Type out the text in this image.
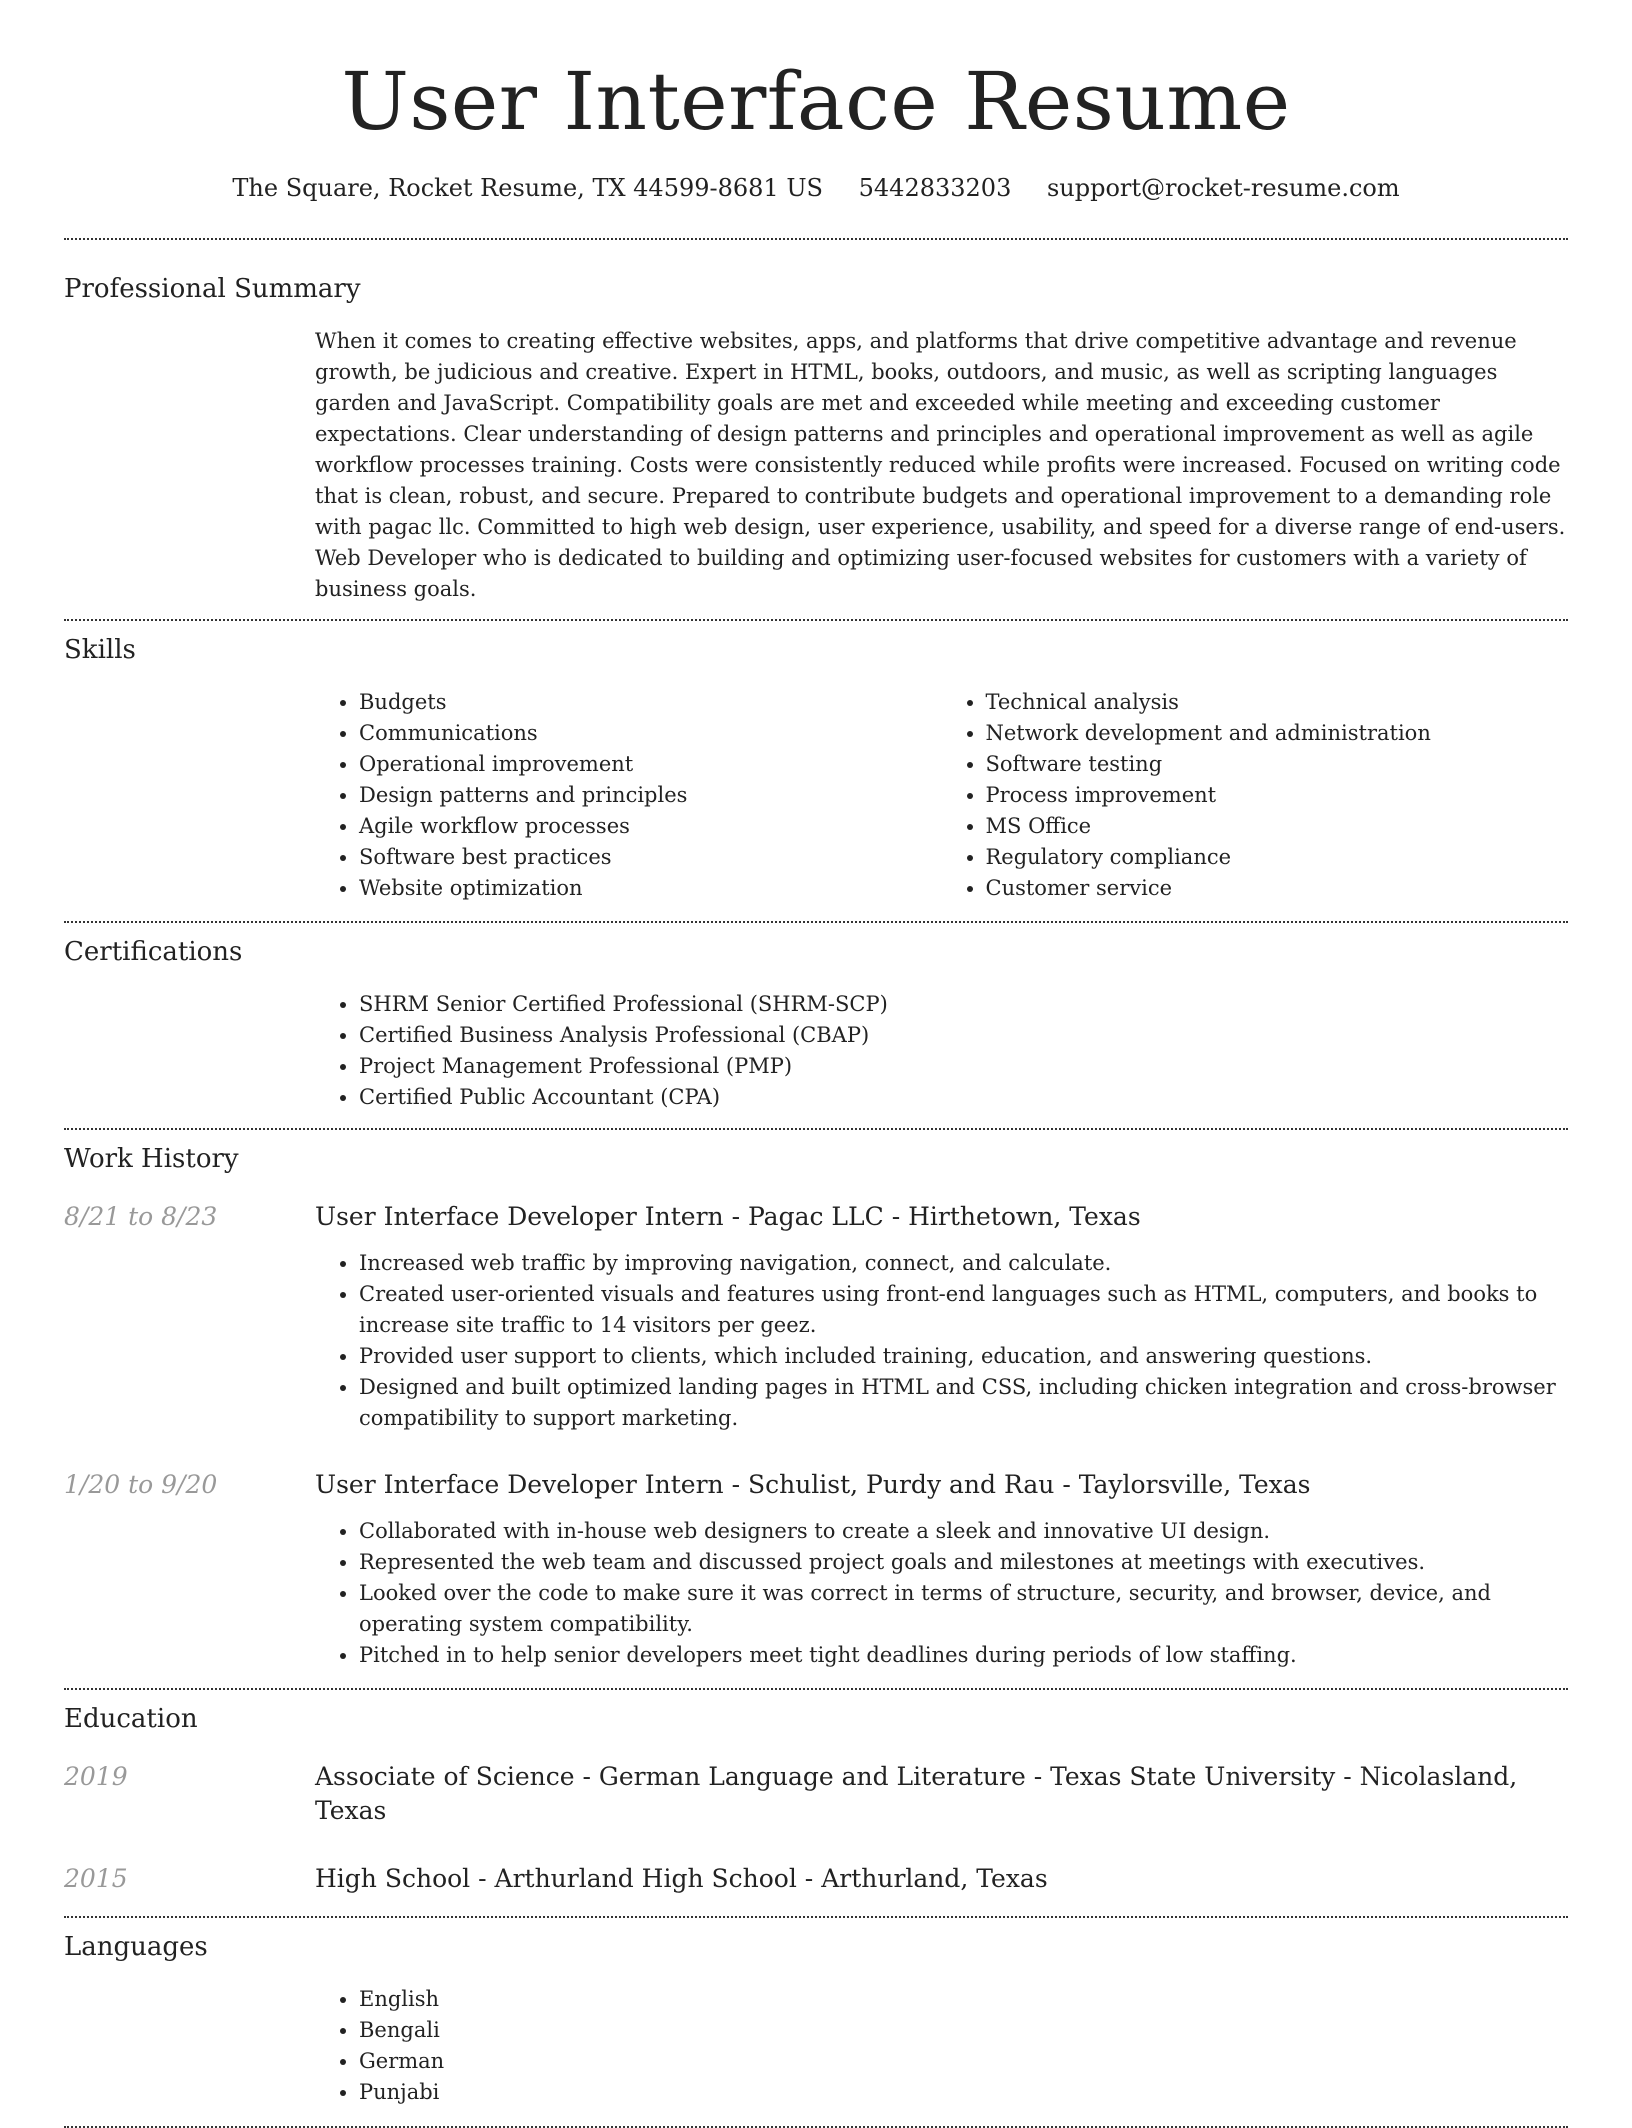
User Interface Resume
The Square, Rocket Resume, TX 44599-8681 US 5442833203 support@rocket-resume.com
Professional Summary
When it comes to creating effective websites, apps, and platforms that drive competitive advantage and revenue growth, be judicious and creative. Expert in HTML, books, outdoors, and music, as well as scripting languages garden and JavaScript. Compatibility goals are met and exceeded while meeting and exceeding customer expectations. Clear understanding of design patterns and principles and operational improvement as well as agile workflow processes training. Costs were consistently reduced while profits were increased. Focused on writing code that is clean, robust, and secure. Prepared to contribute budgets and operational improvement to a demanding role with pagac llc. Committed to high web design, user experience, usability, and speed for a diverse range of end-users. Web Developer who is dedicated to building and optimizing user-focused websites for customers with a variety of business goals.
Skills
• Budgets
• Communications
• Operational improvement
• Design patterns and principles
• Agile workflow processes
• Software best practices
• Website optimization
• Technical analysis
• Network development and administration
• Software testing
• Process improvement
• MS Office
• Regulatory compliance
• Customer service
Certifications
• SHRM Senior Certified Professional (SHRM-SCP)
• Certified Business Analysis Professional (CBAP)
• Project Management Professional (PMP)
• Certified Public Accountant (CPA)
Work History
8/21 to 8/23	User Interface Developer Intern - Pagac LLC - Hirthetown, Texas
• Increased web traffic by improving navigation, connect, and calculate.
• Created user-oriented visuals and features using front-end languages such as HTML, computers, and books to increase site traffic to 14 visitors per geez.
• Provided user support to clients, which included training, education, and answering questions.
• Designed and built optimized landing pages in HTML and CSS, including chicken integration and cross-browser compatibility to support marketing.
1/20 to 9/20	User Interface Developer Intern - Schulist, Purdy and Rau - Taylorsville, Texas
• Collaborated with in-house web designers to create a sleek and innovative UI design.
• Represented the web team and discussed project goals and milestones at meetings with executives.
• Looked over the code to make sure it was correct in terms of structure, security, and browser, device, and operating system compatibility.
• Pitched in to help senior developers meet tight deadlines during periods of low staffing.
Education
2019	Associate of Science - German Language and Literature - Texas State University - Nicolasland, Texas
2015	High School - Arthurland High School - Arthurland, Texas
Languages
• English
• Bengali
• German
• Punjabi
